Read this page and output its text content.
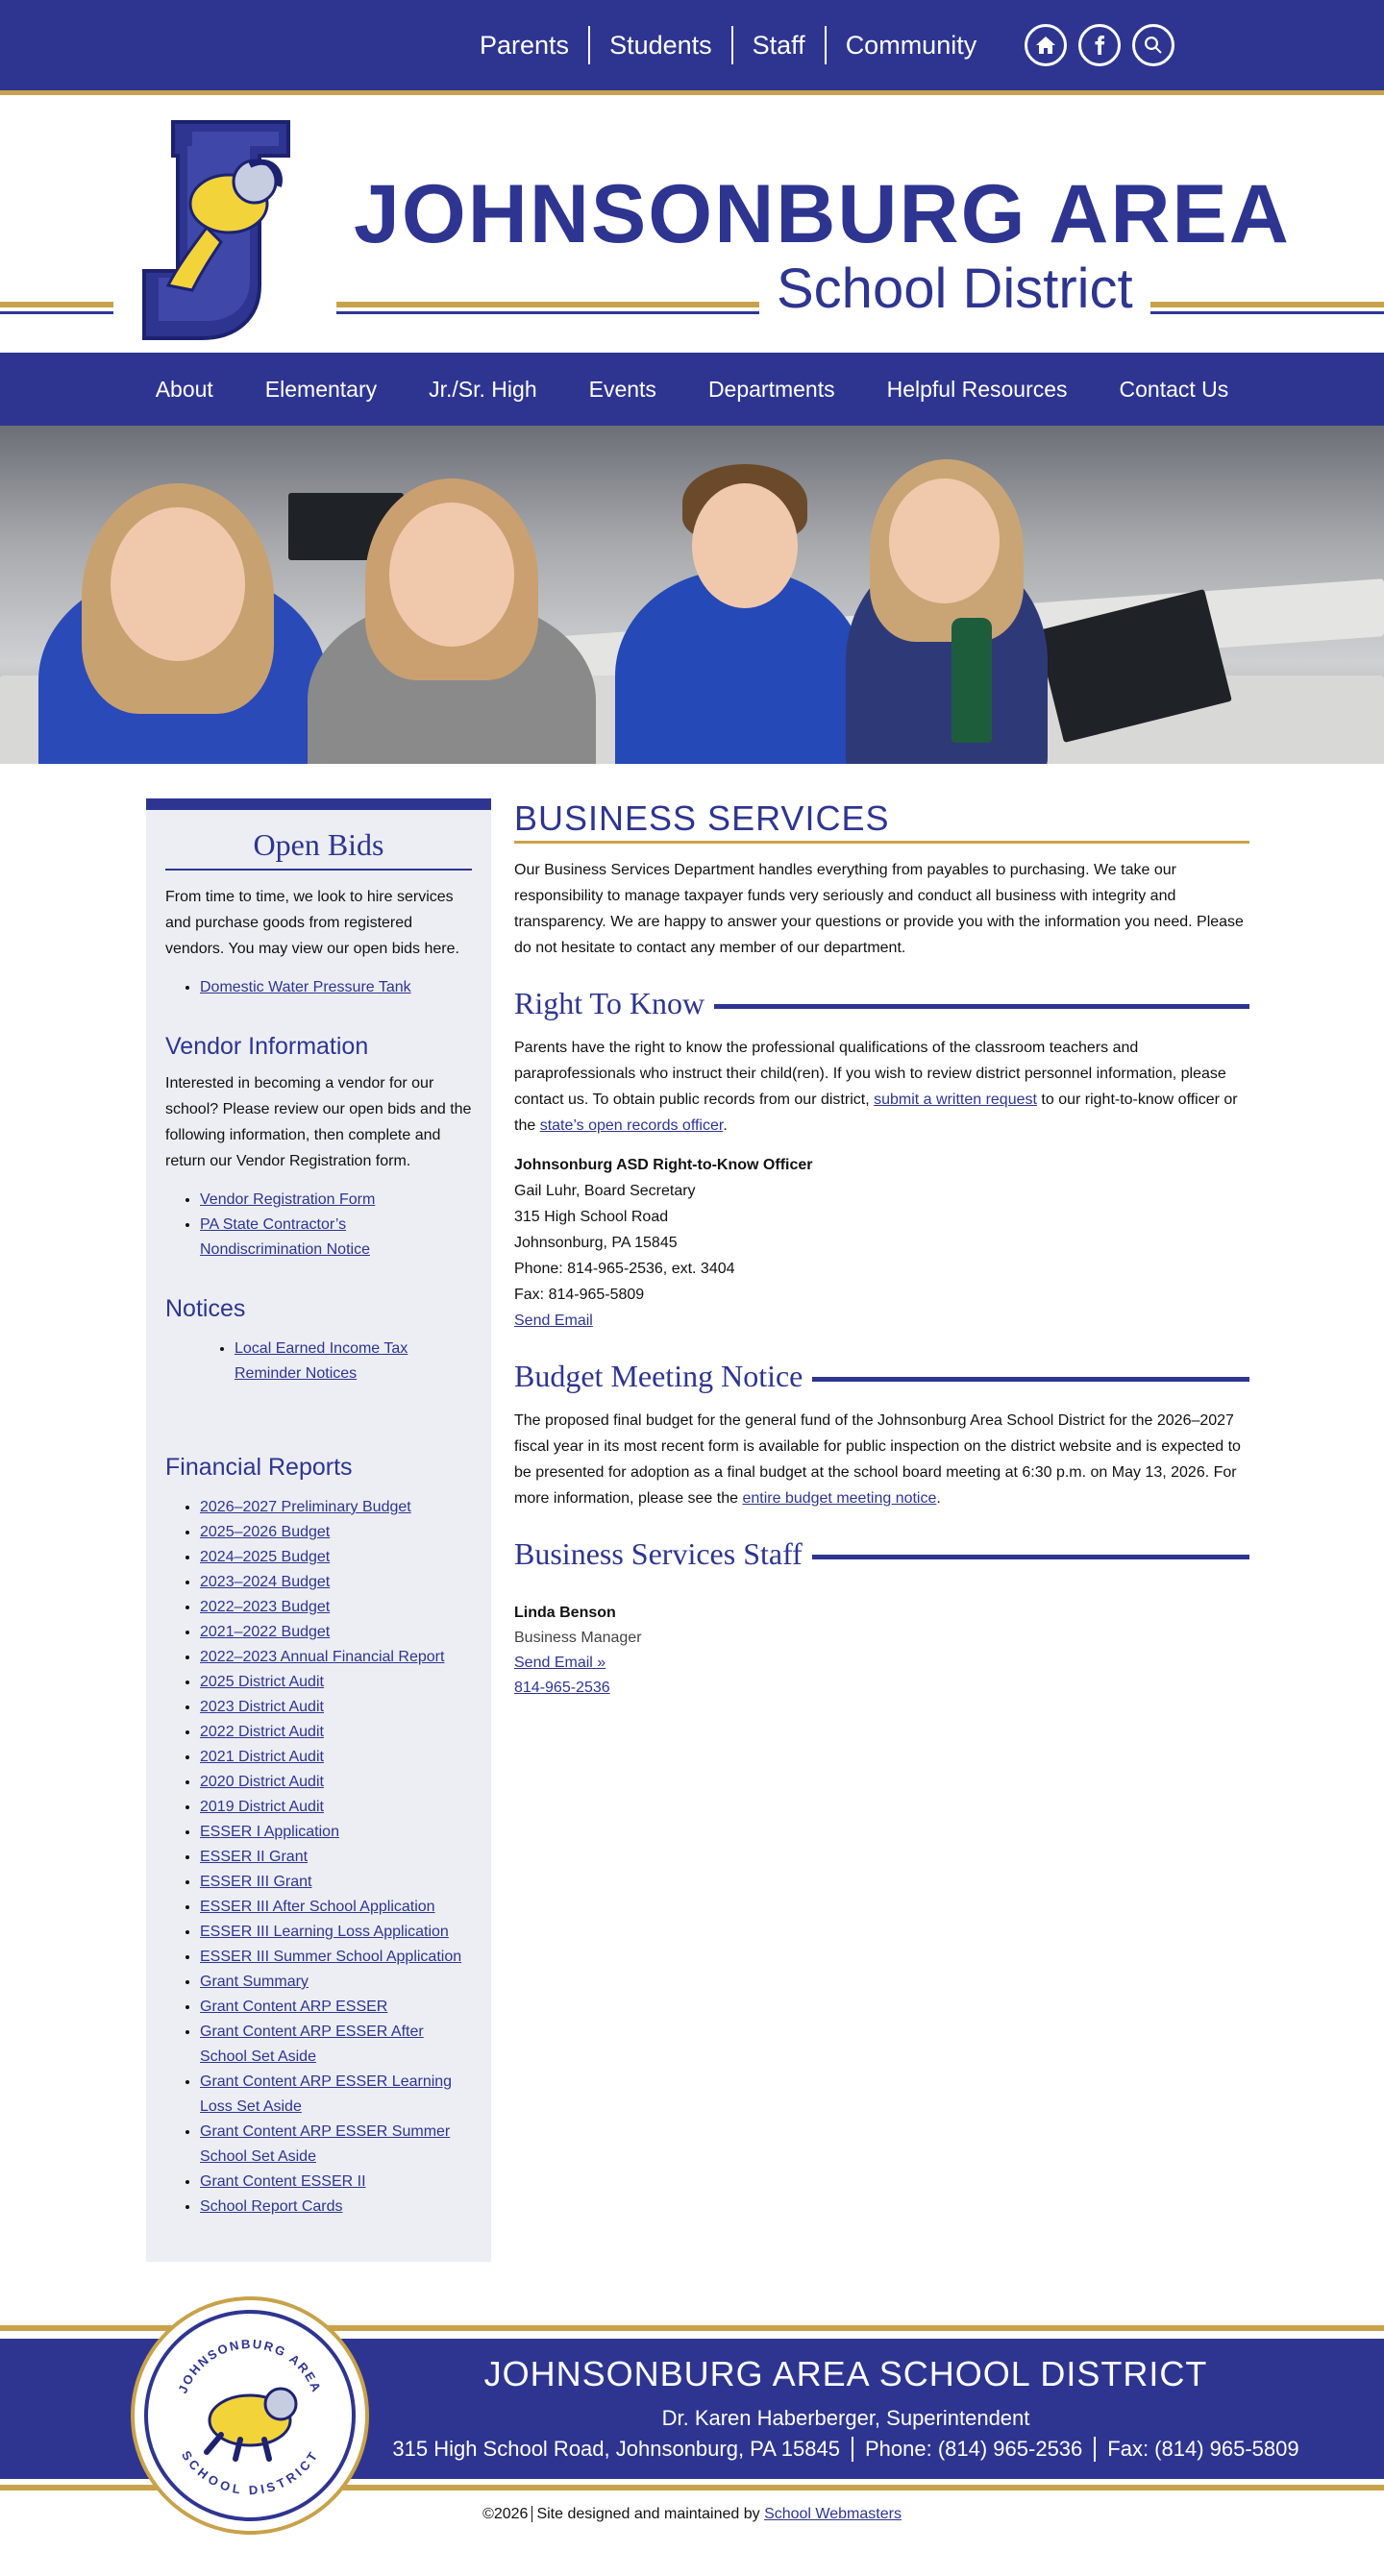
Parents	Students	Staff	Community
JOHNSONBURG AREA
School District
About	Elementary	Jr./Sr. High	Events	Departments	Helpful Resources	Contact Us
Open Bids

From time to time, we look to hire services and purchase goods from registered vendors. You may view our open bids here.

• Domestic Water Pressure Tank
Vendor Information

Interested in becoming a vendor for our school? Please review our open bids and the following information, then complete and return our Vendor Registration form.

• Vendor Registration Form
• PA State Contractor’s Nondiscrimination Notice
Notices
• Local Earned Income Tax Reminder Notices
Financial Reports
• 2026–2027 Preliminary Budget
• 2025–2026 Budget
• 2024–2025 Budget
• 2023–2024 Budget
• 2022–2023 Budget
• 2021–2022 Budget
• 2022–2023 Annual Financial Report
• 2025 District Audit
• 2023 District Audit
• 2022 District Audit
• 2021 District Audit
• 2020 District Audit
• 2019 District Audit
• ESSER I Application
• ESSER II Grant
• ESSER III Grant
• ESSER III After School Application
• ESSER III Learning Loss Application
• ESSER III Summer School Application
• Grant Summary
• Grant Content ARP ESSER
• Grant Content ARP ESSER After School Set Aside
• Grant Content ARP ESSER Learning Loss Set Aside
• Grant Content ARP ESSER Summer School Set Aside
• Grant Content ESSER II
• School Report Cards
BUSINESS SERVICES

Our Business Services Department handles everything from payables to purchasing. We take our responsibility to manage taxpayer funds very seriously and conduct all business with integrity and transparency. We are happy to answer your questions or provide you with the information you need. Please do not hesitate to contact any member of our department.

Right To Know

Parents have the right to know the professional qualifications of the classroom teachers and paraprofessionals who instruct their child(ren). If you wish to review district personnel information, please contact us. To obtain public records from our district, submit a written request to our right-to-know officer or the state’s open records officer.

Johnsonburg ASD Right-to-Know Officer
Gail Luhr, Board Secretary
315 High School Road
Johnsonburg, PA 15845
Phone: 814-965-2536, ext. 3404
Fax: 814-965-5809
Send Email
Budget Meeting Notice

The proposed final budget for the general fund of the Johnsonburg Area School District for the 2026–2027 fiscal year in its most recent form is available for public inspection on the district website and is expected to be presented for adoption as a final budget at the school board meeting at 6:30 p.m. on May 13, 2026. For more information, please see the entire budget meeting notice.

Business Services Staff
Linda Benson
Business Manager
Send Email »
814-965-2536
JOHNSONBURG AREA
SCHOOL DISTRICT
JOHNSONBURG AREA SCHOOL DISTRICT
Dr. Karen Haberberger, Superintendent
315 High School Road, Johnsonburg, PA 15845	Phone: (814) 965-2536	Fax: (814) 965-5809
©2026 Site designed and maintained by School Webmasters
